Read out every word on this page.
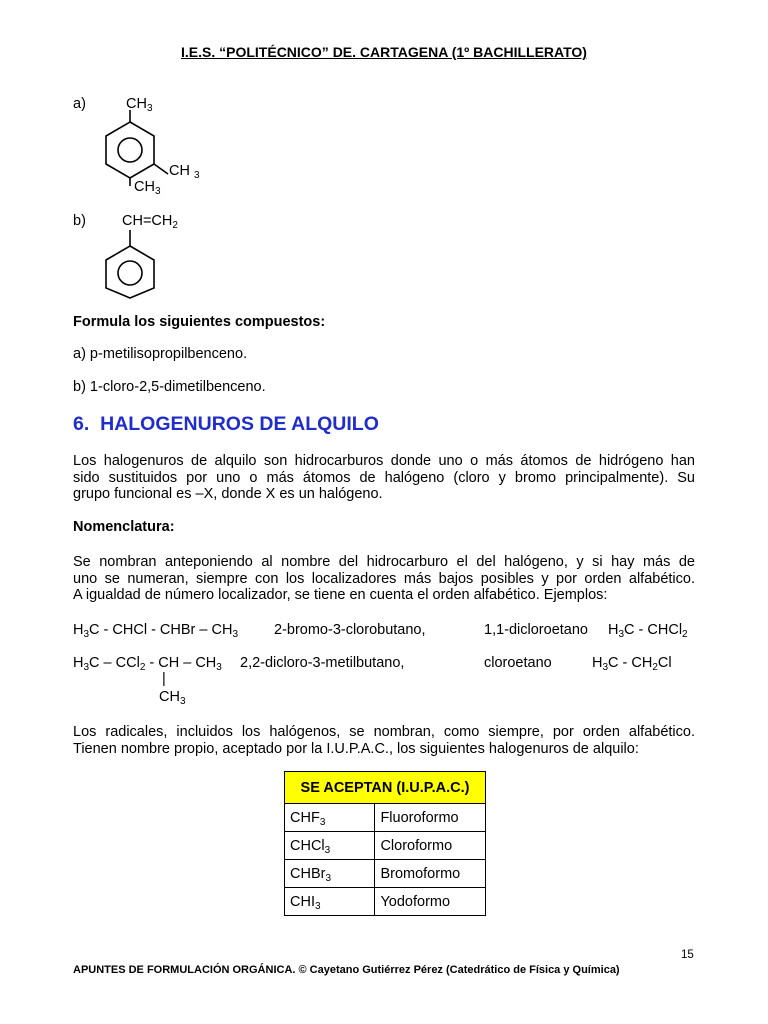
I.E.S. “POLITÉCNICO” DE. CARTAGENA (1º BACHILLERATO)
a)	$CH_3$
CH $_3$
$CH_3$
b) $CH=CH_2$
Formula los siguientes compuestos:
a) p-metilisopropilbenceno.
b) 1-cloro-2,5-dimetilbenceno.
6. HALOGENUROS DE ALQUILO
Los halogenuros de alquilo son hidrocarburos donde uno o más átomos de hidrógeno han
sido sustituidos por uno o más átomos de halógeno (cloro y bromo principalmente). Su
grupo funcional es –X, donde X es un halógeno.
Nomenclatura:
Se nombran anteponiendo al nombre del hidrocarburo el del halógeno, y si hay más de
uno se numeran, siempre con los localizadores más bajos posibles y por orden alfabético.
A igualdad de número localizador, se tiene en cuenta el orden alfabético. Ejemplos:
$H_3C$ - CHCl - CHBr – $CH_3$ 2-bromo-3-clorobutano,	1,1-dicloroetano $H_3C$ - CHCl$_2$
$H_3C - CCl_2$ - CH – $CH_3$ 2,2-dicloro-3-metilbutano,	cloroetano	$H_3C - CH_2Cl$
|
$CH_3$
Los radicales, incluidos los halógenos, se nombran, como siempre, por orden alfabético.
Tienen nombre propio, aceptado por la I.U.P.A.C., los siguientes halogenuros de alquilo:
SE ACEPTAN (I.U.P.A.C.)	
$CHF_3$	Fluoroformo
CHCl$_3$	Cloroformo
CHBr$_3$	Bromoformo
$CHI_3$	Yodoformo
15
APUNTES DE FORMULACIÓN ORGÁNICA. © Cayetano Gutiérrez Pérez (Catedrático de Física y Química)
